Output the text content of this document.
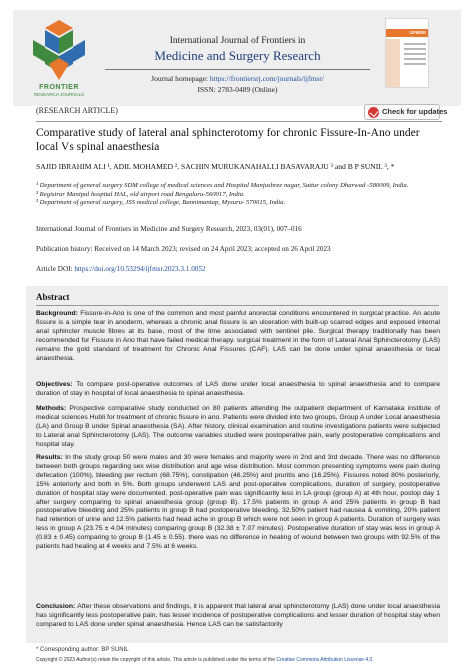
FRONTIER
RESEARCH JOURNALS
International Journal of Frontiers in
Medicine and Surgery Research
Journal homepage: https://frontiersrj.com/journals/ijfmsr/
ISSN: 2783-0489 (Online)
IJFMSR
(RESEARCH ARTICLE)	Check for updates
Comparative study of lateral anal sphincterotomy for chronic Fissure-In-Ano under local Vs spinal anaesthesia
SAJID IBRAHIM ALI ¹, ADIL MOHAMED ², SACHIN MURUKANAHALLI BASAVARAJU ³ and B P SUNIL ³, *
¹ Department of general surgery SDM college of medical sciences and Hospital Manjushree nagar, Sattur colony Dharwad -580009, India.
² Registrar Manipal hospital HAL, old airport road Bengaluru-560017, India.
³ Department of general surgery, JSS medical college, Bannimantap, Mysuru- 570015, India.
International Journal of Frontiers in Medicine and Surgery Research, 2023, 03(01), 007–016
Publication history: Received on 14 March 2023; revised on 24 April 2023; accepted on 26 April 2023
Article DOI: https://doi.org/10.53294/ijfmsr.2023.3.1.0052
Abstract
Background: Fissure-in-Ano is one of the common and most painful anorectal conditions encountered in surgical practice. An acute fissure is a simple tear in anoderm, whereas a chronic anal fissure is an ulceration with built-up scarred edges and exposed internal anal sphincter muscle fibres at its base, most of the time associated with sentinel pile. Surgical therapy traditionally has been recommended for Fissure in Ano that have failed medical therapy. surgical treatment in the form of Lateral Anal Sphincterotomy (LAS) remains the gold standard of treatment for Chronic Anal Fissures (CAF). LAS can be done under spinal anaesthesia or local anaesthesia.
Objectives: To compare post-operative outcomes of LAS done under local anaesthesia to spinal anaesthesia and to compare duration of stay in hospital of local anaesthesia to spinal anaesthesia.
Methods: Prospective comparative study conducted on 80 patients attending the outpatient department of Karnataka institute of medical sciences Hubli for treatment of chronic fissure in ano. Patients were divided into two groups, Group A under Local anaesthesia (LA) and Group B under Spinal anaesthesia (SA). After history, clinical examination and routine investigations patients were subjected to Lateral anal Sphincterotomy (LAS). The outcome variables studied were postoperative pain, early postoperative complications and hospital stay.
Results: In the study group 50 were males and 30 were females and majority were in 2nd and 3rd decade. There was no difference between both groups regarding sex wise distribution and age wise distribution. Most common presenting symptoms were pain during defecation (100%), bleeding per rectum (68.75%), constipation (46.25%) and pruritis ano (16.25%). Fissures noted 80% posteriorly, 15% anteriorly and both in 5%. Both groups underwent LAS and post-operative complications, duration of surgery, postoperative duration of hospital stay were documented. post-operative pain was significantly less in LA group (group A) at 4th hour, postop day 1 after surgery comparing to spinal anaesthesia group (group B). 17.5% patients in group A and 25% patients in group B had postoperative bleeding and 25% patients in group B had postoperative bleeding. 32.50% patient had nausea & vomiting, 20% patient had retention of urine and 12.5% patients had head ache in group B which were not seen in group A patients. Duration of surgery was less in group A (23.75 ± 4.04 minutes) comparing group B (32.38 ± 7.07 minutes). Postoperative duration of stay was less in group A (0.83 ± 0.45) comparing to group B (1.45 ± 0.55). there was no difference in healing of wound between two groups with 92.5% of the patients had healing at 4 weeks and 7.5% at 6 weeks.
Conclusion: After these observations and findings, it is apparent that lateral anal sphincterotomy (LAS) done under local anaesthesia has significantly less postoperative pain, has lesser incidence of postoperative complications and lesser duration of hospital stay when compared to LAS done under spinal anaesthesia. Hence LAS can be satisfactorily
* Corresponding author: BP SUNIL
Copyright © 2023 Author(s) retain the copyright of this article. This article is published under the terms of the Creative Commons Attribution Liscense 4.0.
